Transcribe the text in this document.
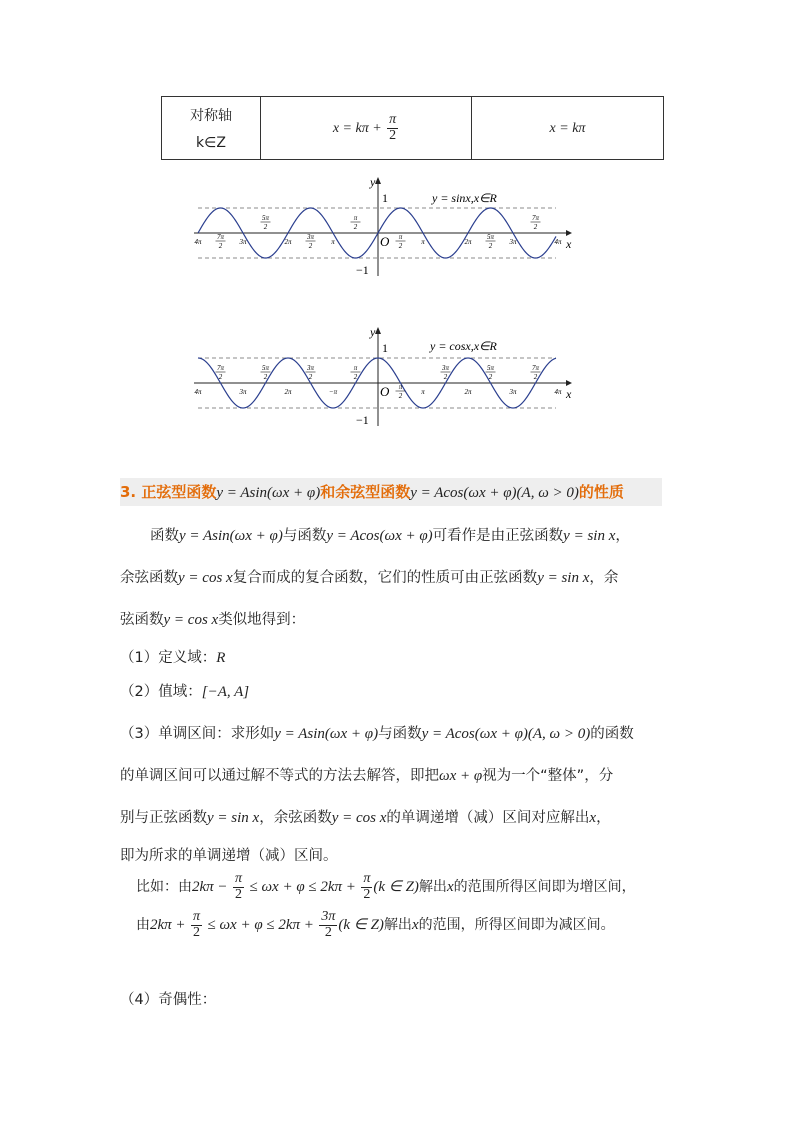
对称轴
k∈Z
	$x = k\pi + \frac{\pi}{2}$	x = kπ
y
x
O
1
−1
y = sinx,x∈R
5π
2
π
2
7π
2
4π
7π
2 3π	2π
3π
2	π
π
2	π	2π
5π
2 3π	4π
y
x
O
1
−1
y = cosx,x∈R
7π
2
5π
2
3π
2
π
2
3π
2
5π
2
7π
2
4π	3π	2π	−π
π
2	π	2π	3π	4π
3. 正弦型函数y = Asin(ωx + φ)和余弦型函数y = Acos(ωx + φ)(A, ω > 0)的性质
函数y = Asin(ωx + φ)与函数y = Acos(ωx + φ)可看作是由正弦函数y = sin x，
余弦函数y = cos x复合而成的复合函数，它们的性质可由正弦函数y = sin x，余
弦函数y = cos x类似地得到：
（1）定义域：R
（2）值域：[−A, A]
（3）单调区间：求形如y = Asin(ωx + φ)与函数y = Acos(ωx + φ)(A, ω > 0)的函数
的单调区间可以通过解不等式的方法去解答，即把ωx + φ视为一个“整体”，分
别与正弦函数y = sin x，余弦函数y = cos x的单调递增（减）区间对应解出x，
即为所求的单调递增（减）区间。
比如：由$2k\pi - \frac{\pi}{2} \le \omega x + \varphi \le 2k\pi + \frac{\pi}{2} (k$ ∈ Z)解出x的范围所得区间即为增区间，
由$2k\pi + \frac{\pi}{2} \le \omega x + \varphi \le 2k\pi + \frac{3\pi}{2} (k$ ∈ Z)解出x的范围，所得区间即为减区间。
（4）奇偶性：
